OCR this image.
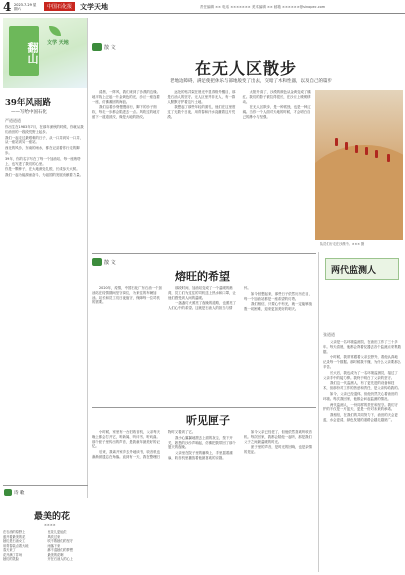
4 2023.7.29 星期六	中国石化报	文学天地	责任编辑 ×× 电话 ××××××× 美术编辑 ×× 邮箱 ××××××@sinopec.com
翻山 文学 天地
39年风雨路
——写给中国石化
严道道道

你出生在1983年7月，在那年深秋的时候，你就从我们油田的一段段荒野上起步。

我们一起走过最艰难的日子，从一口井到另一口井，从一座站到另一座站。

西北的风沙，东南的雨水，都在记录着你行走的脚步。

39年，你的名字写在了每一个加油站、每一座炼塔上，也写进了我们的心里。

你是一颗种子，在大地深处扎根，长成参天大树。

我们一起为能源而奋斗，为祖国的发展贡献着力量。

散 文
在无人区散步
老地边障碍，满足使把休乐与部地般变了出去，交暗了木和性器，以及自己的篇步

清晨，一阵风，我们来到了沙漠的边缘。地平线上泛起一片金黄色的光，沙丘一座连着一座，仿佛凝固的海浪。

我们沿着沙脊慢慢前行，脚下的沙子细软，每走一步都会陷进去一点。风吹过的地方留下一道道波纹，像是大地的指纹。

远处的钻井架在晨光中显得格外醒目，那是石油人的坚守。无人区里并非无人，有一群人默默守护着这片土地。

我想起了那些年轻的面孔，他们在这里度过了无数个日夜，用青春和汗水浇灌着这片荒漠。

太阳升高了，沙漠的颜色从金黄变成了橘红。我们的影子被拉得很长，在沙丘上缓缓移动。

在无人区散步，是一种孤独，也是一种辽阔。当你一个人面对天地的时候，才会明白自己的渺小与坚强。

队员们行走在沙漠中。××× 摄
散 文
熔旺的希望

2020年，疫情，中国石化广东石油一个加油站在疫情期间坚守岗位，为来往的车辆加油。站长和员工们日夜值守，保障每一位司机的需要。

那段时间，加油站变成了一个温暖的港湾，员工们为过往的司机送上热水和口罩，让他们感受到人间的温暖。

一盏盏灯火照亮了夜晚的道路，也照亮了人们心中的希望。这就是石油人的担当与情怀。

如今回想起来，那些日子依然历历在目，每一个加油站都是一座希望的灯塔。

我们相信，只要心中有光，就一定能够战胜一切困难，迎来更加美好的明天。

听见匣子

小时候，家里有一台旧收音机，父亲每天晚上都会打开它，听新闻、听评书、听戏曲。那个匣子里传出的声音，是我童年最美好的记忆。

后来，我离开家乡去外地读书，收音机也渐渐被遗忘在角落。直到有一天，我在整理旧物时又看到了它。

我小心翼翼地擦去上面的灰尘，按下开关，熟悉的沙沙声响起，仿佛把我带回了那个夏天的夜晚。

父亲坐在院子里的藤椅上，手里摇着蒲扇，收音机里播放着他最喜欢的京剧。

如今父亲已经老了，但他依然喜欢听收音机。每次回家，我都会陪他一起听，那是我们父子之间最温暖的时光。

匣子里的声音，是时光的回响，也是亲情的见证。

两代监测人
张道道

父亲是一名环境监测员，在油田工作了三十多年。每天清晨，他都会背着仪器去各个监测点采集数据。

小时候，我常常跟着父亲去野外，看他认真地记录每一个数据。那时候我不懂，为什么父亲要那么辛苦。

长大后，我也成为了一名环境监测员，接过了父亲手中的接力棒。我终于明白了父亲的坚守。

我们这一代监测人，有了更先进的设备和技术，但那份对工作的热爱和责任，是父亲传给我的。

如今，父亲已经退休，但他仍然关心着油田的环境。每次我回家，他都会问起监测的情况。

两代监测人，一份同样的责任和坚守。我们守护的不仅是一片蓝天，更是一份对未来的承诺。

我相信，在我们的共同努力下，油田的天会更蓝，水会更清，绿色发展的道路会越走越宽广。

诗 歌
最美的花
××××
在石油的原野上
盛开着最美的花
她们是石油女工
用青春装点着大地
春天来了
花开满了井场
她们的笑脸
比花儿更灿烂
风吹过来
吹不散她们的坚守
雨落下来
淋不湿她们的梦想
最美的花啊
开在石油人的心上
